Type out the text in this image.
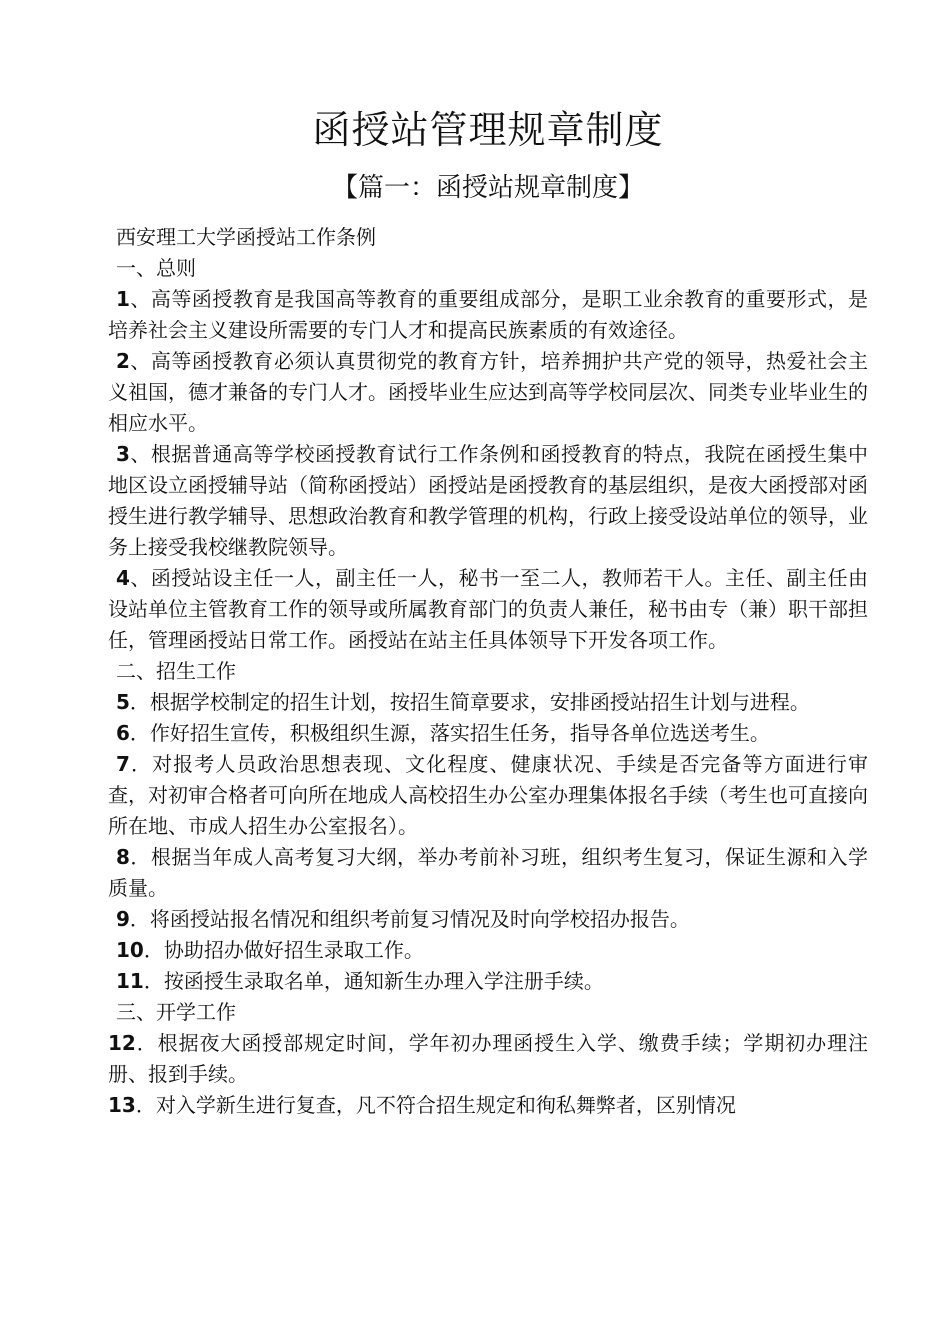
函授站管理规章制度
【篇一：函授站规章制度】

西安理工大学函授站工作条例

一、总则

1、高等函授教育是我国高等教育的重要组成部分，是职工业余教育的重要形式，是培养社会主义建设所需要的专门人才和提高民族素质的有效途径。

2、高等函授教育必须认真贯彻党的教育方针，培养拥护共产党的领导，热爱社会主义祖国，德才兼备的专门人才。函授毕业生应达到高等学校同层次、同类专业毕业生的相应水平。

3、根据普通高等学校函授教育试行工作条例和函授教育的特点，我院在函授生集中地区设立函授辅导站（简称函授站）函授站是函授教育的基层组织，是夜大函授部对函授生进行教学辅导、思想政治教育和教学管理的机构，行政上接受设站单位的领导，业务上接受我校继教院领导。

4、函授站设主任一人，副主任一人，秘书一至二人，教师若干人。主任、副主任由设站单位主管教育工作的领导或所属教育部门的负责人兼任，秘书由专（兼）职干部担任，管理函授站日常工作。函授站在站主任具体领导下开发各项工作。

二、招生工作

5．根据学校制定的招生计划，按招生简章要求，安排函授站招生计划与进程。

6．作好招生宣传，积极组织生源，落实招生任务，指导各单位选送考生。

7．对报考人员政治思想表现、文化程度、健康状况、手续是否完备等方面进行审查，对初审合格者可向所在地成人高校招生办公室办理集体报名手续（考生也可直接向所在地、市成人招生办公室报名）。

8．根据当年成人高考复习大纲，举办考前补习班，组织考生复习，保证生源和入学质量。

9．将函授站报名情况和组织考前复习情况及时向学校招办报告。

10．协助招办做好招生录取工作。

11．按函授生录取名单，通知新生办理入学注册手续。

三、开学工作

12．根据夜大函授部规定时间，学年初办理函授生入学、缴费手续；学期初办理注册、报到手续。

13．对入学新生进行复查，凡不符合招生规定和徇私舞弊者，区别情况
